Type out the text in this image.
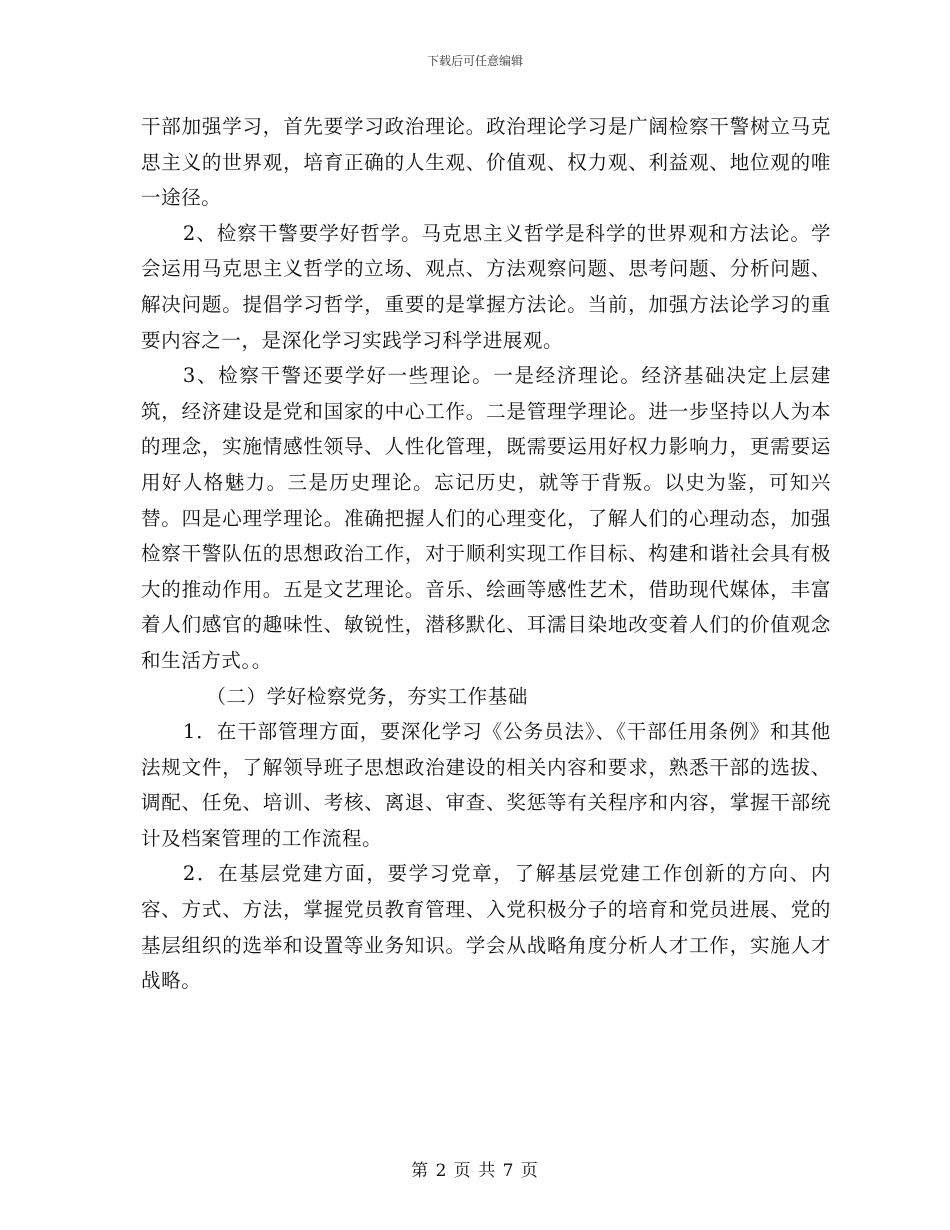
下载后可任意编辑

干部加强学习，首先要学习政治理论。政治理论学习是广阔检察干警树立马克思主义的世界观，培育正确的人生观、价值观、权力观、利益观、地位观的唯一途径。

2、检察干警要学好哲学。马克思主义哲学是科学的世界观和方法论。学会运用马克思主义哲学的立场、观点、方法观察问题、思考问题、分析问题、解决问题。提倡学习哲学，重要的是掌握方法论。当前，加强方法论学习的重要内容之一，是深化学习实践学习科学进展观。

3、检察干警还要学好一些理论。一是经济理论。经济基础决定上层建筑，经济建设是党和国家的中心工作。二是管理学理论。进一步坚持以人为本的理念，实施情感性领导、人性化管理，既需要运用好权力影响力，更需要运用好人格魅力。三是历史理论。忘记历史，就等于背叛。以史为鉴，可知兴替。四是心理学理论。准确把握人们的心理变化，了解人们的心理动态，加强检察干警队伍的思想政治工作，对于顺利实现工作目标、构建和谐社会具有极大的推动作用。五是文艺理论。音乐、绘画等感性艺术，借助现代媒体，丰富着人们感官的趣味性、敏锐性，潜移默化、耳濡目染地改变着人们的价值观念和生活方式。。

（二）学好检察党务，夯实工作基础

1．在干部管理方面，要深化学习《公务员法》、《干部任用条例》和其他法规文件，了解领导班子思想政治建设的相关内容和要求，熟悉干部的选拔、调配、任免、培训、考核、离退、审查、奖惩等有关程序和内容，掌握干部统计及档案管理的工作流程。

2．在基层党建方面，要学习党章，了解基层党建工作创新的方向、内容、方式、方法，掌握党员教育管理、入党积极分子的培育和党员进展、党的基层组织的选举和设置等业务知识。学会从战略角度分析人才工作，实施人才战略。

第 2 页 共 7 页
